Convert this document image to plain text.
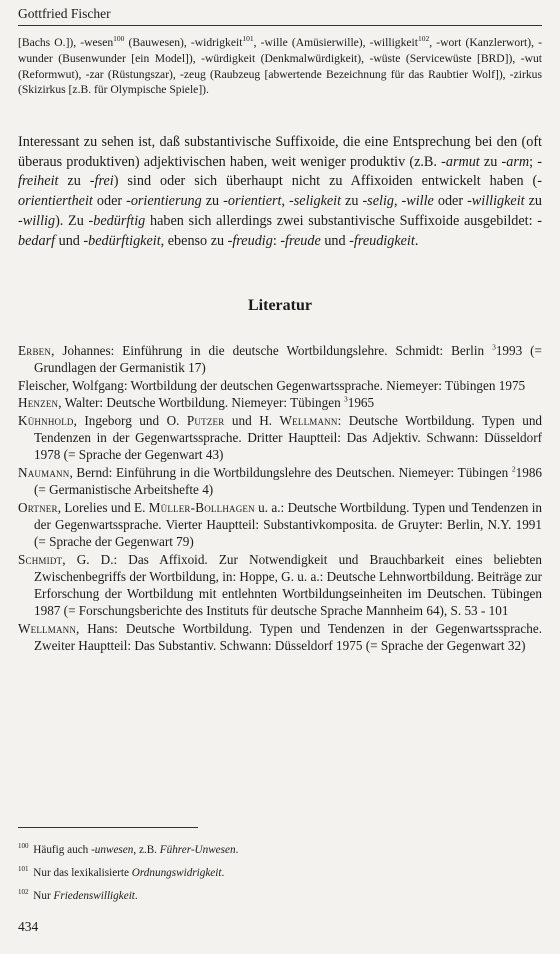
Gottfried Fischer

[Bachs O.]), -wesen$^{100}$ (Bauwesen), -widrigkeit$^{101}$, -wille (Amüsierwille), -willigkeit$^{102}$, -wort (Kanzlerwort), -wunder (Busenwunder [ein Model]), -würdigkeit (Denkmalwürdigkeit), -wüste (Servicewüste [BRD]), -wut (Reformwut), -zar (Rüstungszar), -zeug (Raubzeug [abwertende Bezeichnung für das Raubtier Wolf]), -zirkus (Skizirkus [z.B. für Olympische Spiele]).

Interessant zu sehen ist, daß substantivische Suffixoide, die eine Entsprechung bei den (oft überaus produktiven) adjektivischen haben, weit weniger produktiv (z.B. -armut zu -arm; -freiheit zu -frei) sind oder sich überhaupt nicht zu Affixoiden entwickelt haben (-orientiertheit oder -orientierung zu -orientiert, -seligkeit zu -selig, -wille oder -willigkeit zu -willig). Zu -bedürftig haben sich allerdings zwei substantivische Suffixoide ausgebildet: -bedarf und -bedürftigkeit, ebenso zu -freudig: -freude und -freudigkeit.

Literatur
Erben, Johannes: Einführung in die deutsche Wortbildungslehre. Schmidt: Berlin $^3$1993 (= Grundlagen der Germanistik 17)
Fleischer, Wolfgang: Wortbildung der deutschen Gegenwartssprache. Niemeyer: Tübingen 1975
Henzen, Walter: Deutsche Wortbildung. Niemeyer: Tübingen $^3$1965
Kühnhold, Ingeborg und O. Putzer und H. Wellmann: Deutsche Wortbildung. Typen und Tendenzen in der Gegenwartssprache. Dritter Hauptteil: Das Adjektiv. Schwann: Düsseldorf 1978 (= Sprache der Gegenwart 43)
Naumann, Bernd: Einführung in die Wortbildungslehre des Deutschen. Niemeyer: Tübingen $^2$1986 (= Germanistische Arbeitshefte 4)
Ortner, Lorelies und E. Müller-Bollhagen u. a.: Deutsche Wortbildung. Typen und Tendenzen in der Gegenwartssprache. Vierter Hauptteil: Substantivkomposita. de Gruyter: Berlin, N.Y. 1991 (= Sprache der Gegenwart 79)
Schmidt, G. D.: Das Affixoid. Zur Notwendigkeit und Brauchbarkeit eines beliebten Zwischenbegriffs der Wortbildung, in: Hoppe, G. u. a.: Deutsche Lehnwortbildung. Beiträge zur Erforschung der Wortbildung mit entlehnten Wortbildungseinheiten im Deutschen. Tübingen 1987 (= Forschungsberichte des Instituts für deutsche Sprache Mannheim 64), S. 53 - 101
Wellmann, Hans: Deutsche Wortbildung. Typen und Tendenzen in der Gegenwartssprache. Zweiter Hauptteil: Das Substantiv. Schwann: Düsseldorf 1975 (= Sprache der Gegenwart 32)
$^{100}$ Häufig auch -unwesen, z.B. Führer-Unwesen.
$^{101}$ Nur das lexikalisierte Ordnungswidrigkeit.
$^{102}$ Nur Friedenswilligkeit.
434
